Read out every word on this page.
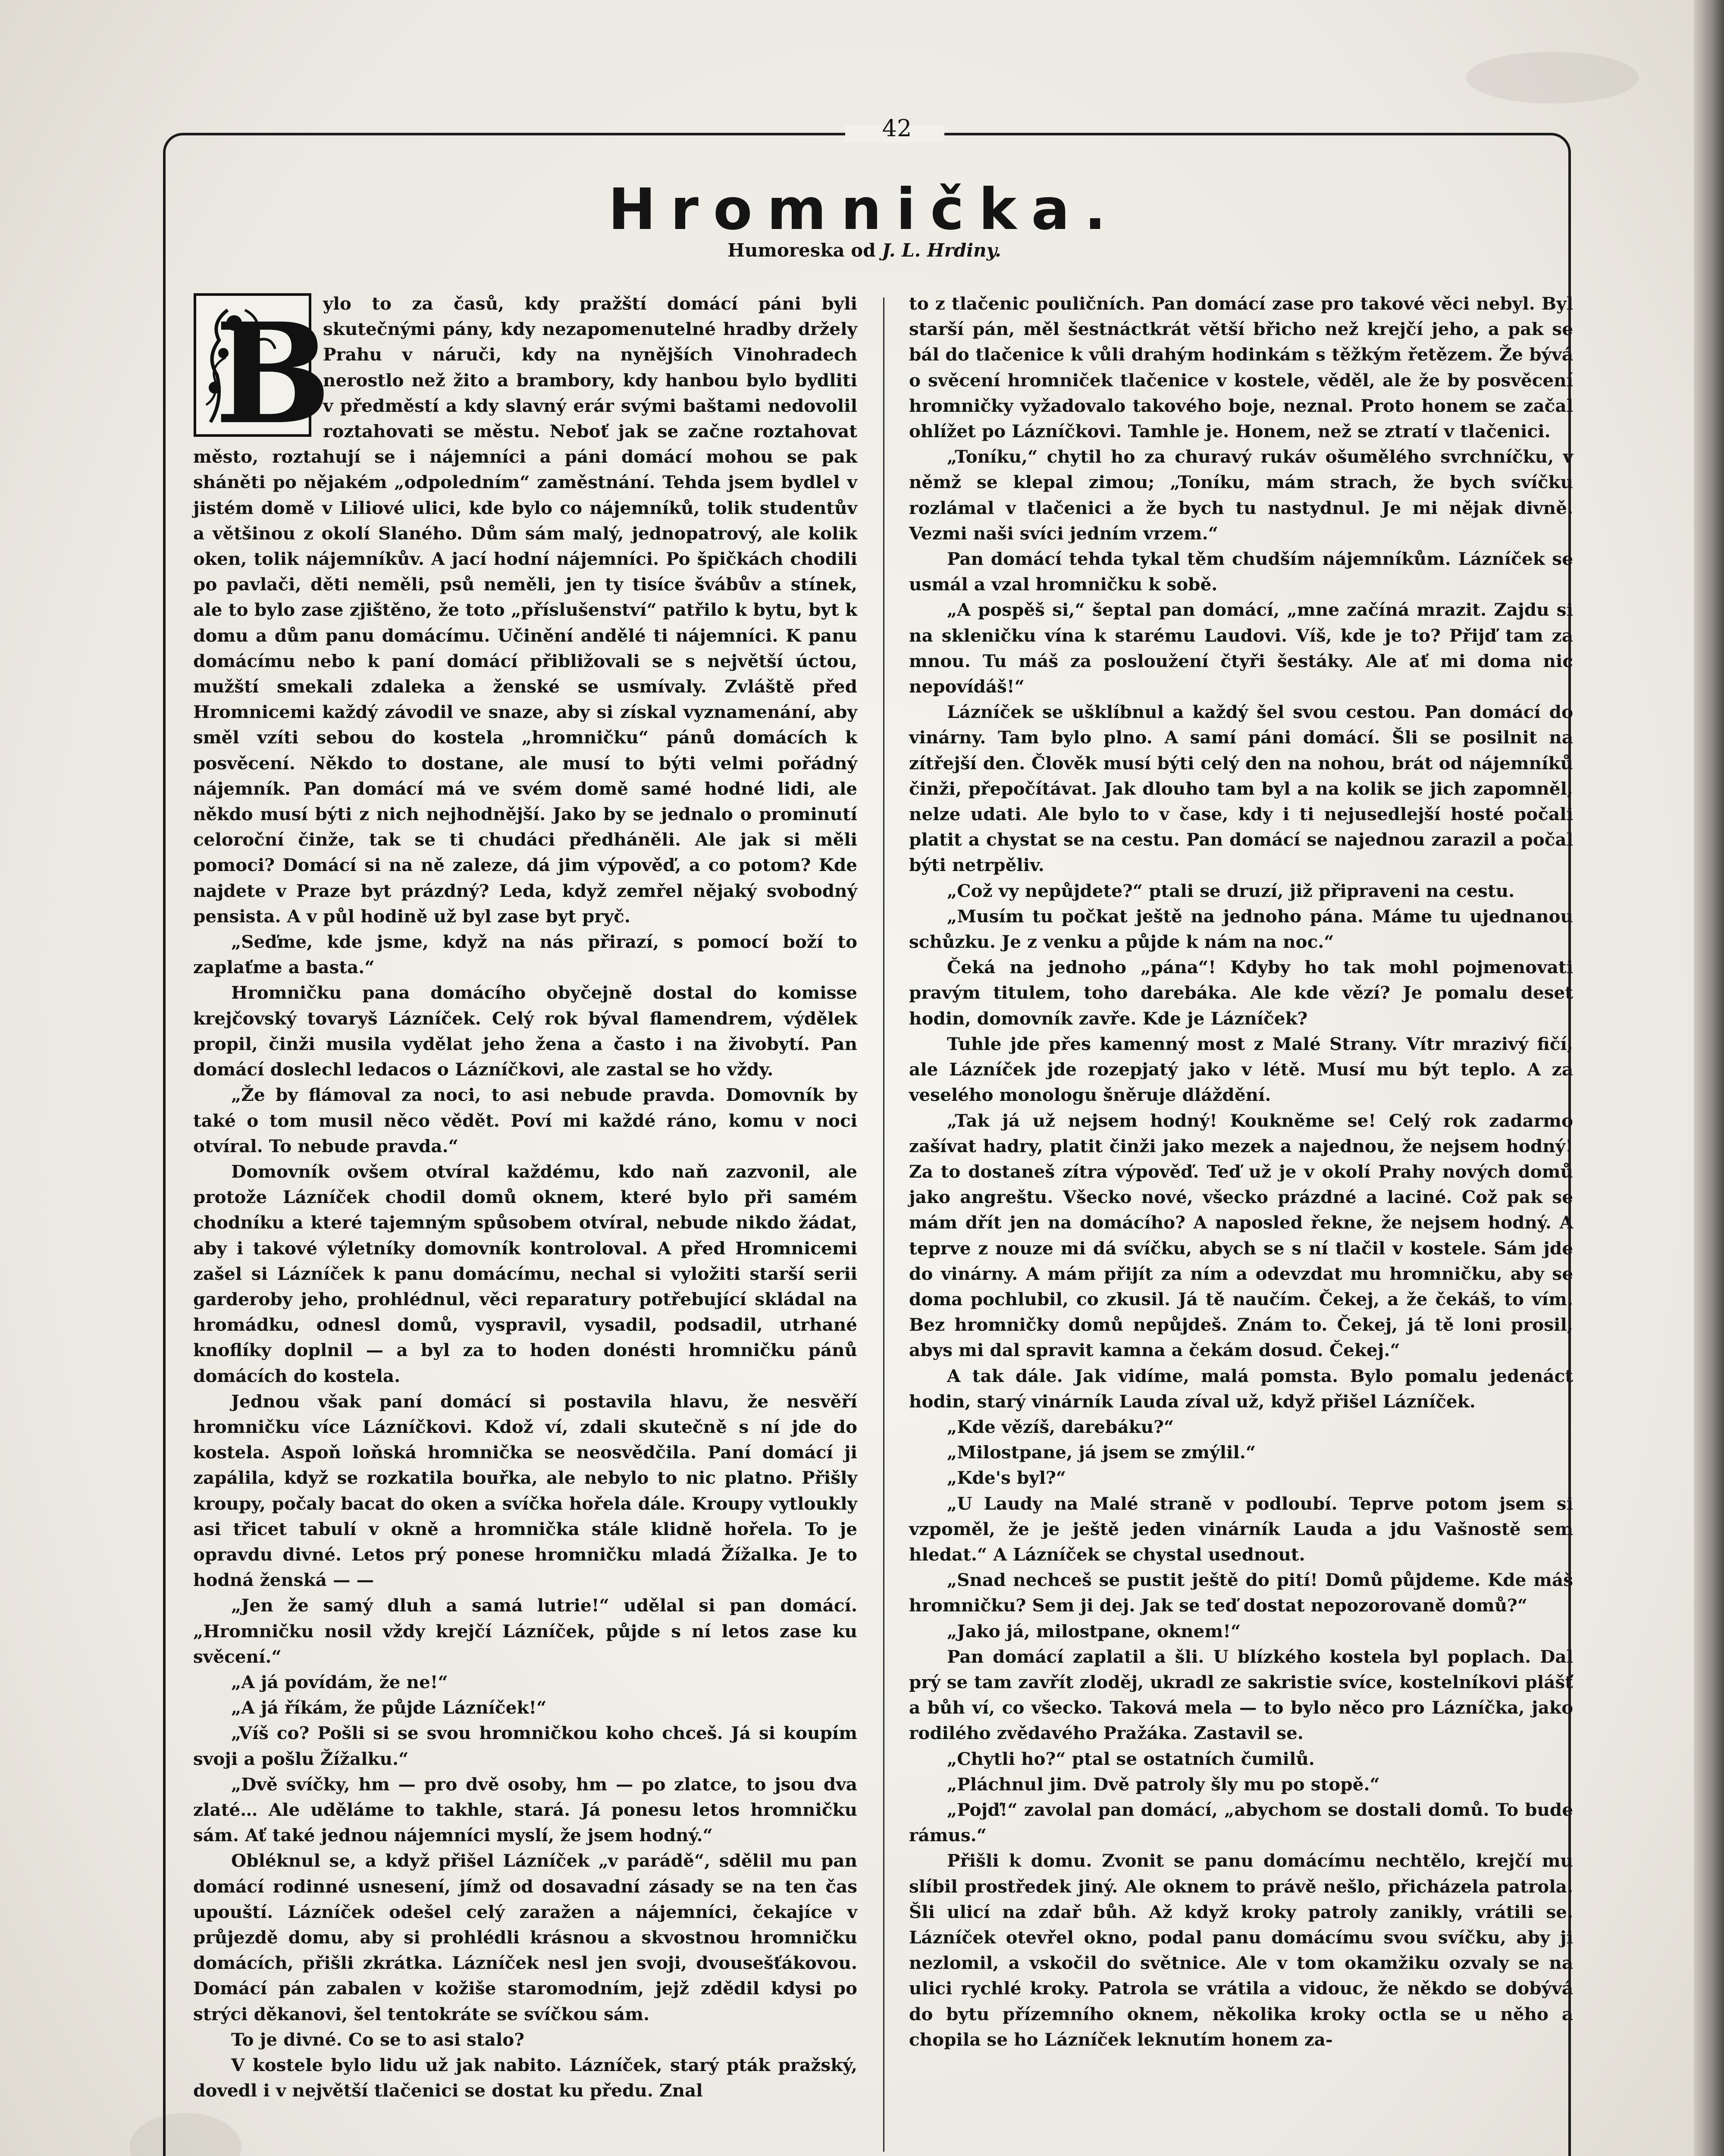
42
Hromnička.
Humoreska od J. L. Hrdiny.
B

ylo to za časů, kdy pražští domácí páni byli skutečnými pány, kdy nezapomenutelné hradby držely Prahu v náruči, kdy na nynějších Vinohradech nerostlo než žito a brambory, kdy hanbou bylo bydliti v předměstí a kdy slavný erár svými baštami nedovolil roztahovati se městu. Neboť jak se začne roztahovat město, roztahují se i nájemníci a páni domácí mohou se pak sháněti po nějakém „odpoledním“ zaměstnání. Tehda jsem bydlel v jistém domě v Liliové ulici, kde bylo co nájemníků, tolik studentův a většinou z okolí Slaného. Dům sám malý, jednopatrový, ale kolik oken, tolik nájemníkův. A jací hodní nájemníci. Po špičkách chodili po pavlači, děti neměli, psů neměli, jen ty tisíce švábův a stínek, ale to bylo zase zjištěno, že toto „příslušenství“ patřilo k bytu, byt k domu a dům panu domácímu. Učinění andělé ti nájemníci. K panu domácímu nebo k paní domácí přibližovali se s největší úctou, mužští smekali zdaleka a ženské se usmívaly. Zvláště před Hromnicemi každý závodil ve snaze, aby si získal vyznamenání, aby směl vzíti sebou do kostela „hromničku“ pánů domácích k posvěcení. Někdo to dostane, ale musí to býti velmi pořádný nájemník. Pan domácí má ve svém domě samé hodné lidi, ale někdo musí býti z nich nejhodnější. Jako by se jednalo o prominutí celoroční činže, tak se ti chudáci předháněli. Ale jak si měli pomoci? Domácí si na ně zaleze, dá jim výpověď, a co potom? Kde najdete v Praze byt prázdný? Leda, když zemřel nějaký svobodný pensista. A v půl hodině už byl zase byt pryč.

„Seďme, kde jsme, když na nás přirazí, s pomocí boží to zaplaťme a basta.“

Hromničku pana domácího obyčejně dostal do komisse krejčovský tovaryš Lázníček. Celý rok býval flamendrem, výdělek propil, činži musila vydělat jeho žena a často i na živobytí. Pan domácí doslechl ledacos o Lázníčkovi, ale zastal se ho vždy.

„Že by flámoval za noci, to asi nebude pravda. Domovník by také o tom musil něco vědět. Poví mi každé ráno, komu v noci otvíral. To nebude pravda.“

Domovník ovšem otvíral každému, kdo naň zazvonil, ale protože Lázníček chodil domů oknem, které bylo při samém chodníku a které tajemným spůsobem otvíral, nebude nikdo žádat, aby i takové výletníky domovník kontroloval. A před Hromnicemi zašel si Lázníček k panu domácímu, nechal si vyložiti starší serii garderoby jeho, prohlédnul, věci reparatury potřebující skládal na hromádku, odnesl domů, vyspravil, vysadil, podsadil, utrhané knoflíky doplnil — a byl za to hoden donésti hromničku pánů domácích do kostela.

Jednou však paní domácí si postavila hlavu, že nesvěří hromničku více Lázníčkovi. Kdož ví, zdali skutečně s ní jde do kostela. Aspoň loňská hromnička se neosvědčila. Paní domácí ji zapálila, když se rozkatila bouřka, ale nebylo to nic platno. Přišly kroupy, počaly bacat do oken a svíčka hořela dále. Kroupy vytloukly asi třicet tabulí v okně a hromnička stále klidně hořela. To je opravdu divné. Letos prý ponese hromničku mladá Žížalka. Je to hodná ženská — —

„Jen že samý dluh a samá lutrie!“ udělal si pan domácí. „Hromničku nosil vždy krejčí Lázníček, půjde s ní letos zase ku svěcení.“

„A já povídám, že ne!“

„A já říkám, že půjde Lázníček!“

„Víš co? Pošli si se svou hromničkou koho chceš. Já si koupím svoji a pošlu Žížalku.“

„Dvě svíčky, hm — pro dvě osoby, hm — po zlatce, to jsou dva zlaté… Ale uděláme to takhle, stará. Já ponesu letos hromničku sám. Ať také jednou nájemníci myslí, že jsem hodný.“

Obléknul se, a když přišel Lázníček „v parádě“, sdělil mu pan domácí rodinné usnesení, jímž od dosavadní zásady se na ten čas upouští. Lázníček odešel celý zaražen a nájemníci, čekajíce v průjezdě domu, aby si prohlédli krásnou a skvostnou hromničku domácích, přišli zkrátka. Lázníček nesl jen svoji, dvousešťákovou. Domácí pán zabalen v kožiše staromodním, jejž zdědil kdysi po strýci děkanovi, šel tentokráte se svíčkou sám.

To je divné. Co se to asi stalo?

V kostele bylo lidu už jak nabito. Lázníček, starý pták pražský, dovedl i v největší tlačenici se dostat ku předu. Znal

to z tlačenic pouličních. Pan domácí zase pro takové věci nebyl. Byl starší pán, měl šestnáctkrát větší břicho než krejčí jeho, a pak se bál do tlačenice k vůli drahým hodinkám s těžkým řetězem. Že bývá o svěcení hromniček tlačenice v kostele, věděl, ale že by posvěcení hromničky vyžadovalo takového boje, neznal. Proto honem se začal ohlížet po Lázníčkovi. Tamhle je. Honem, než se ztratí v tlačenici.

„Toníku,“ chytil ho za churavý rukáv ošumělého svrchníčku, v němž se klepal zimou; „Toníku, mám strach, že bych svíčku rozlámal v tlačenici a že bych tu nastydnul. Je mi nějak divně. Vezmi naši svíci jedním vrzem.“

Pan domácí tehda tykal těm chudším nájemníkům. Lázníček se usmál a vzal hromničku k sobě.

„A pospěš si,“ šeptal pan domácí, „mne začíná mrazit. Zajdu si na skleničku vína k starému Laudovi. Víš, kde je to? Přijď tam za mnou. Tu máš za posloužení čtyři šestáky. Ale ať mi doma nic nepovídáš!“

Lázníček se ušklíbnul a každý šel svou cestou. Pan domácí do vinárny. Tam bylo plno. A samí páni domácí. Šli se posilnit na zítřejší den. Člověk musí býti celý den na nohou, brát od nájemníků činži, přepočítávat. Jak dlouho tam byl a na kolik se jich zapomněl, nelze udati. Ale bylo to v čase, kdy i ti nejusedlejší hosté počali platit a chystat se na cestu. Pan domácí se najednou zarazil a počal býti netrpěliv.

„Což vy nepůjdete?“ ptali se druzí, již připraveni na cestu.

„Musím tu počkat ještě na jednoho pána. Máme tu ujednanou schůzku. Je z venku a půjde k nám na noc.“

Čeká na jednoho „pána“! Kdyby ho tak mohl pojmenovati pravým titulem, toho darebáka. Ale kde vězí? Je pomalu deset hodin, domovník zavře. Kde je Lázníček?

Tuhle jde přes kamenný most z Malé Strany. Vítr mrazivý fičí, ale Lázníček jde rozepjatý jako v létě. Musí mu být teplo. A za veselého monologu šněruje dláždění.

„Tak já už nejsem hodný! Koukněme se! Celý rok zadarmo zašívat hadry, platit činži jako mezek a najednou, že nejsem hodný! Za to dostaneš zítra výpověď. Teď už je v okolí Prahy nových domů jako angreštu. Všecko nové, všecko prázdné a laciné. Což pak se mám dřít jen na domácího? A naposled řekne, že nejsem hodný. A teprve z nouze mi dá svíčku, abych se s ní tlačil v kostele. Sám jde do vinárny. A mám přijít za ním a odevzdat mu hromničku, aby se doma pochlubil, co zkusil. Já tě naučím. Čekej, a že čekáš, to vím. Bez hromničky domů nepůjdeš. Znám to. Čekej, já tě loni prosil, abys mi dal spravit kamna a čekám dosud. Čekej.“

A tak dále. Jak vidíme, malá pomsta. Bylo pomalu jedenáct hodin, starý vinárník Lauda zíval už, když přišel Lázníček.

„Kde vězíš, darebáku?“

„Milostpane, já jsem se zmýlil.“

„Kde's byl?“

„U Laudy na Malé straně v podloubí. Teprve potom jsem si vzpoměl, že je ještě jeden vinárník Lauda a jdu Vašnostě sem hledat.“ A Lázníček se chystal usednout.

„Snad nechceš se pustit ještě do pití! Domů půjdeme. Kde máš hromničku? Sem ji dej. Jak se teď dostat nepozorovaně domů?“

„Jako já, milostpane, oknem!“

Pan domácí zaplatil a šli. U blízkého kostela byl poplach. Dal prý se tam zavřít zloděj, ukradl ze sakristie svíce, kostelníkovi plášť a bůh ví, co všecko. Taková mela — to bylo něco pro Lázníčka, jako rodilého zvědavého Pražáka. Zastavil se.

„Chytli ho?“ ptal se ostatních čumilů.

„Pláchnul jim. Dvě patroly šly mu po stopě.“

„Pojď!“ zavolal pan domácí, „abychom se dostali domů. To bude rámus.“

Přišli k domu. Zvonit se panu domácímu nechtělo, krejčí mu slíbil prostředek jiný. Ale oknem to právě nešlo, přicházela patrola. Šli ulicí na zdař bůh. Až když kroky patroly zanikly, vrátili se. Lázníček otevřel okno, podal panu domácímu svou svíčku, aby ji nezlomil, a vskočil do světnice. Ale v tom okamžiku ozvaly se na ulici rychlé kroky. Patrola se vrátila a vidouc, že někdo se dobývá do bytu přízemního oknem, několika kroky octla se u něho a chopila se ho Lázníček leknutím honem za-
